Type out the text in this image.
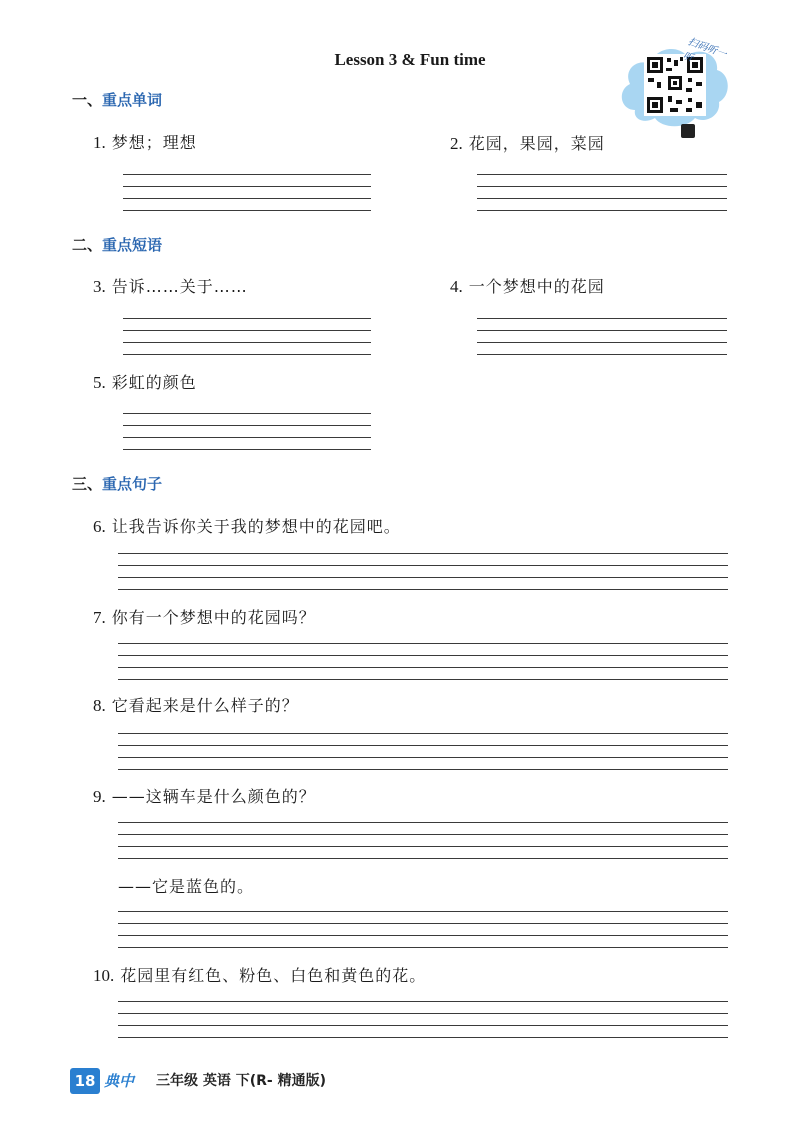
Lesson 3 & Fun time	扫码听一听
一、重点单词
1. 梦想；理想	2. 花园，果园，菜园
二、重点短语
3. 告诉……关于……	4. 一个梦想中的花园
5. 彩虹的颜色
三、重点句子
6. 让我告诉你关于我的梦想中的花园吧。
7. 你有一个梦想中的花园吗？
8. 它看起来是什么样子的？
9. ——这辆车是什么颜色的？
——它是蓝色的。
10. 花园里有红色、粉色、白色和黄色的花。
18 典中 三年级 英语 下(R- 精通版)
